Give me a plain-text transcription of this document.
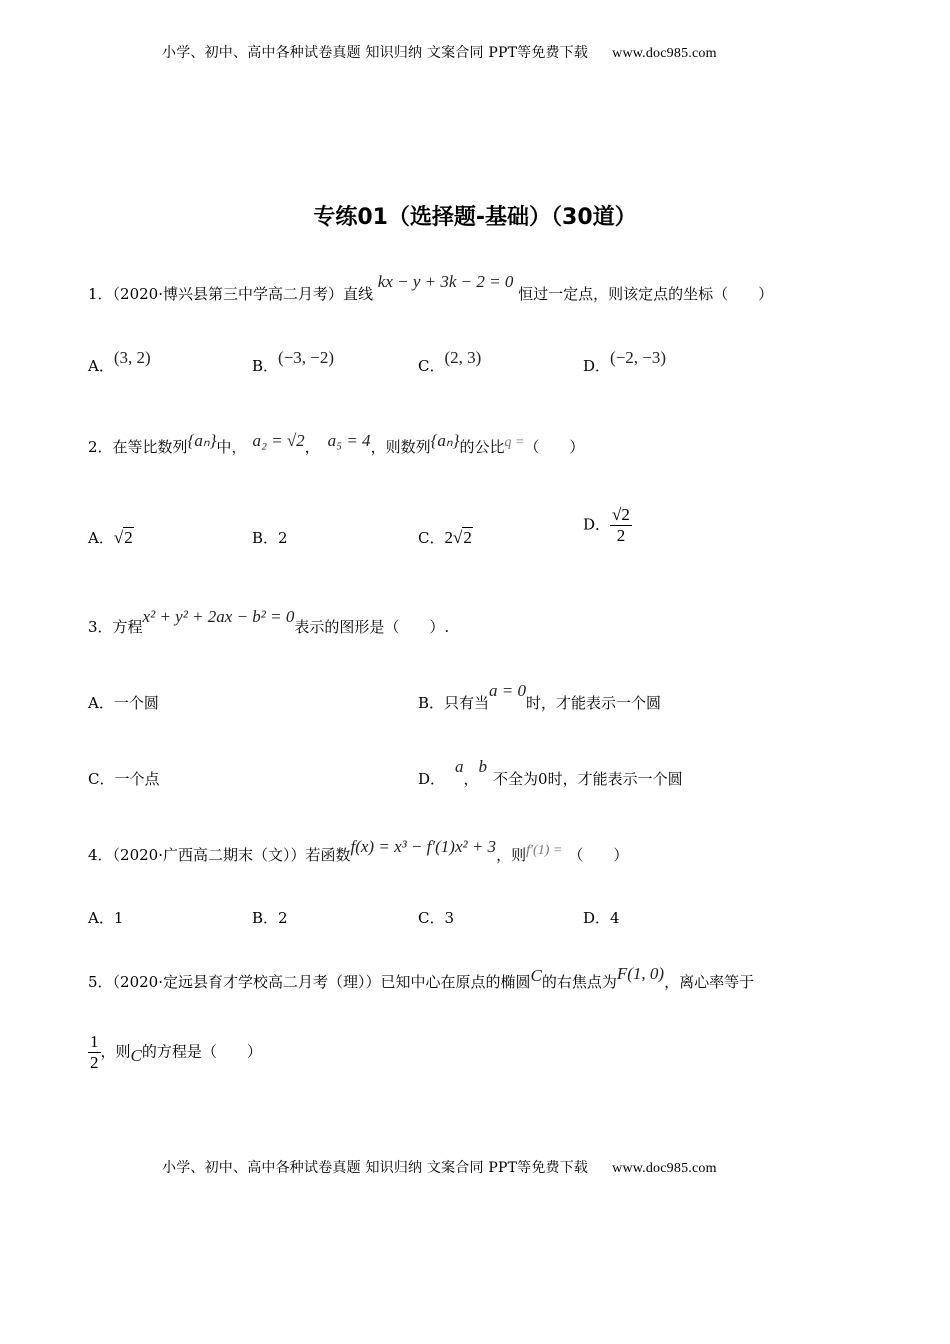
小学、初中、高中各种试卷真题 知识归纳 文案合同 PPT等免费下载 www.doc985.com
专练01（选择题-基础）（30道）
1．（2020·博兴县第三中学高二月考）直线 kx − y + 3k − 2 = 0 恒过一定点，则该定点的坐标（　　）
A．(3, 2)	B．(−3, −2)	C．(2, 3)	D．(−2, −3)
2．在等比数列{aₙ}中， a₂ = √2， a₅ = 4，则数列{aₙ}的公比q =（　　）
A．√2	B．2	C．2√2
D． $\frac{√2}{2}$
3．方程x² + y² + 2ax − b² = 0表示的图形是（　　）.
A．一个圆	B．只有当a = 0时，才能表示一个圆
C．一个点	D．a，b不全为0时，才能表示一个圆
4．（2020·广西高二期末（文））若函数f(x) = x³ − f′(1)x² + 3，则f′(1) = （　　）
A．1	B．2	C．3	D．4
5．（2020·定远县育才学校高二月考（理））已知中心在原点的椭圆C的右焦点为F(1, 0)，离心率等于
$\frac{1}{2}$ ，则C的方程是（　　）
小学、初中、高中各种试卷真题 知识归纳 文案合同 PPT等免费下载 www.doc985.com
